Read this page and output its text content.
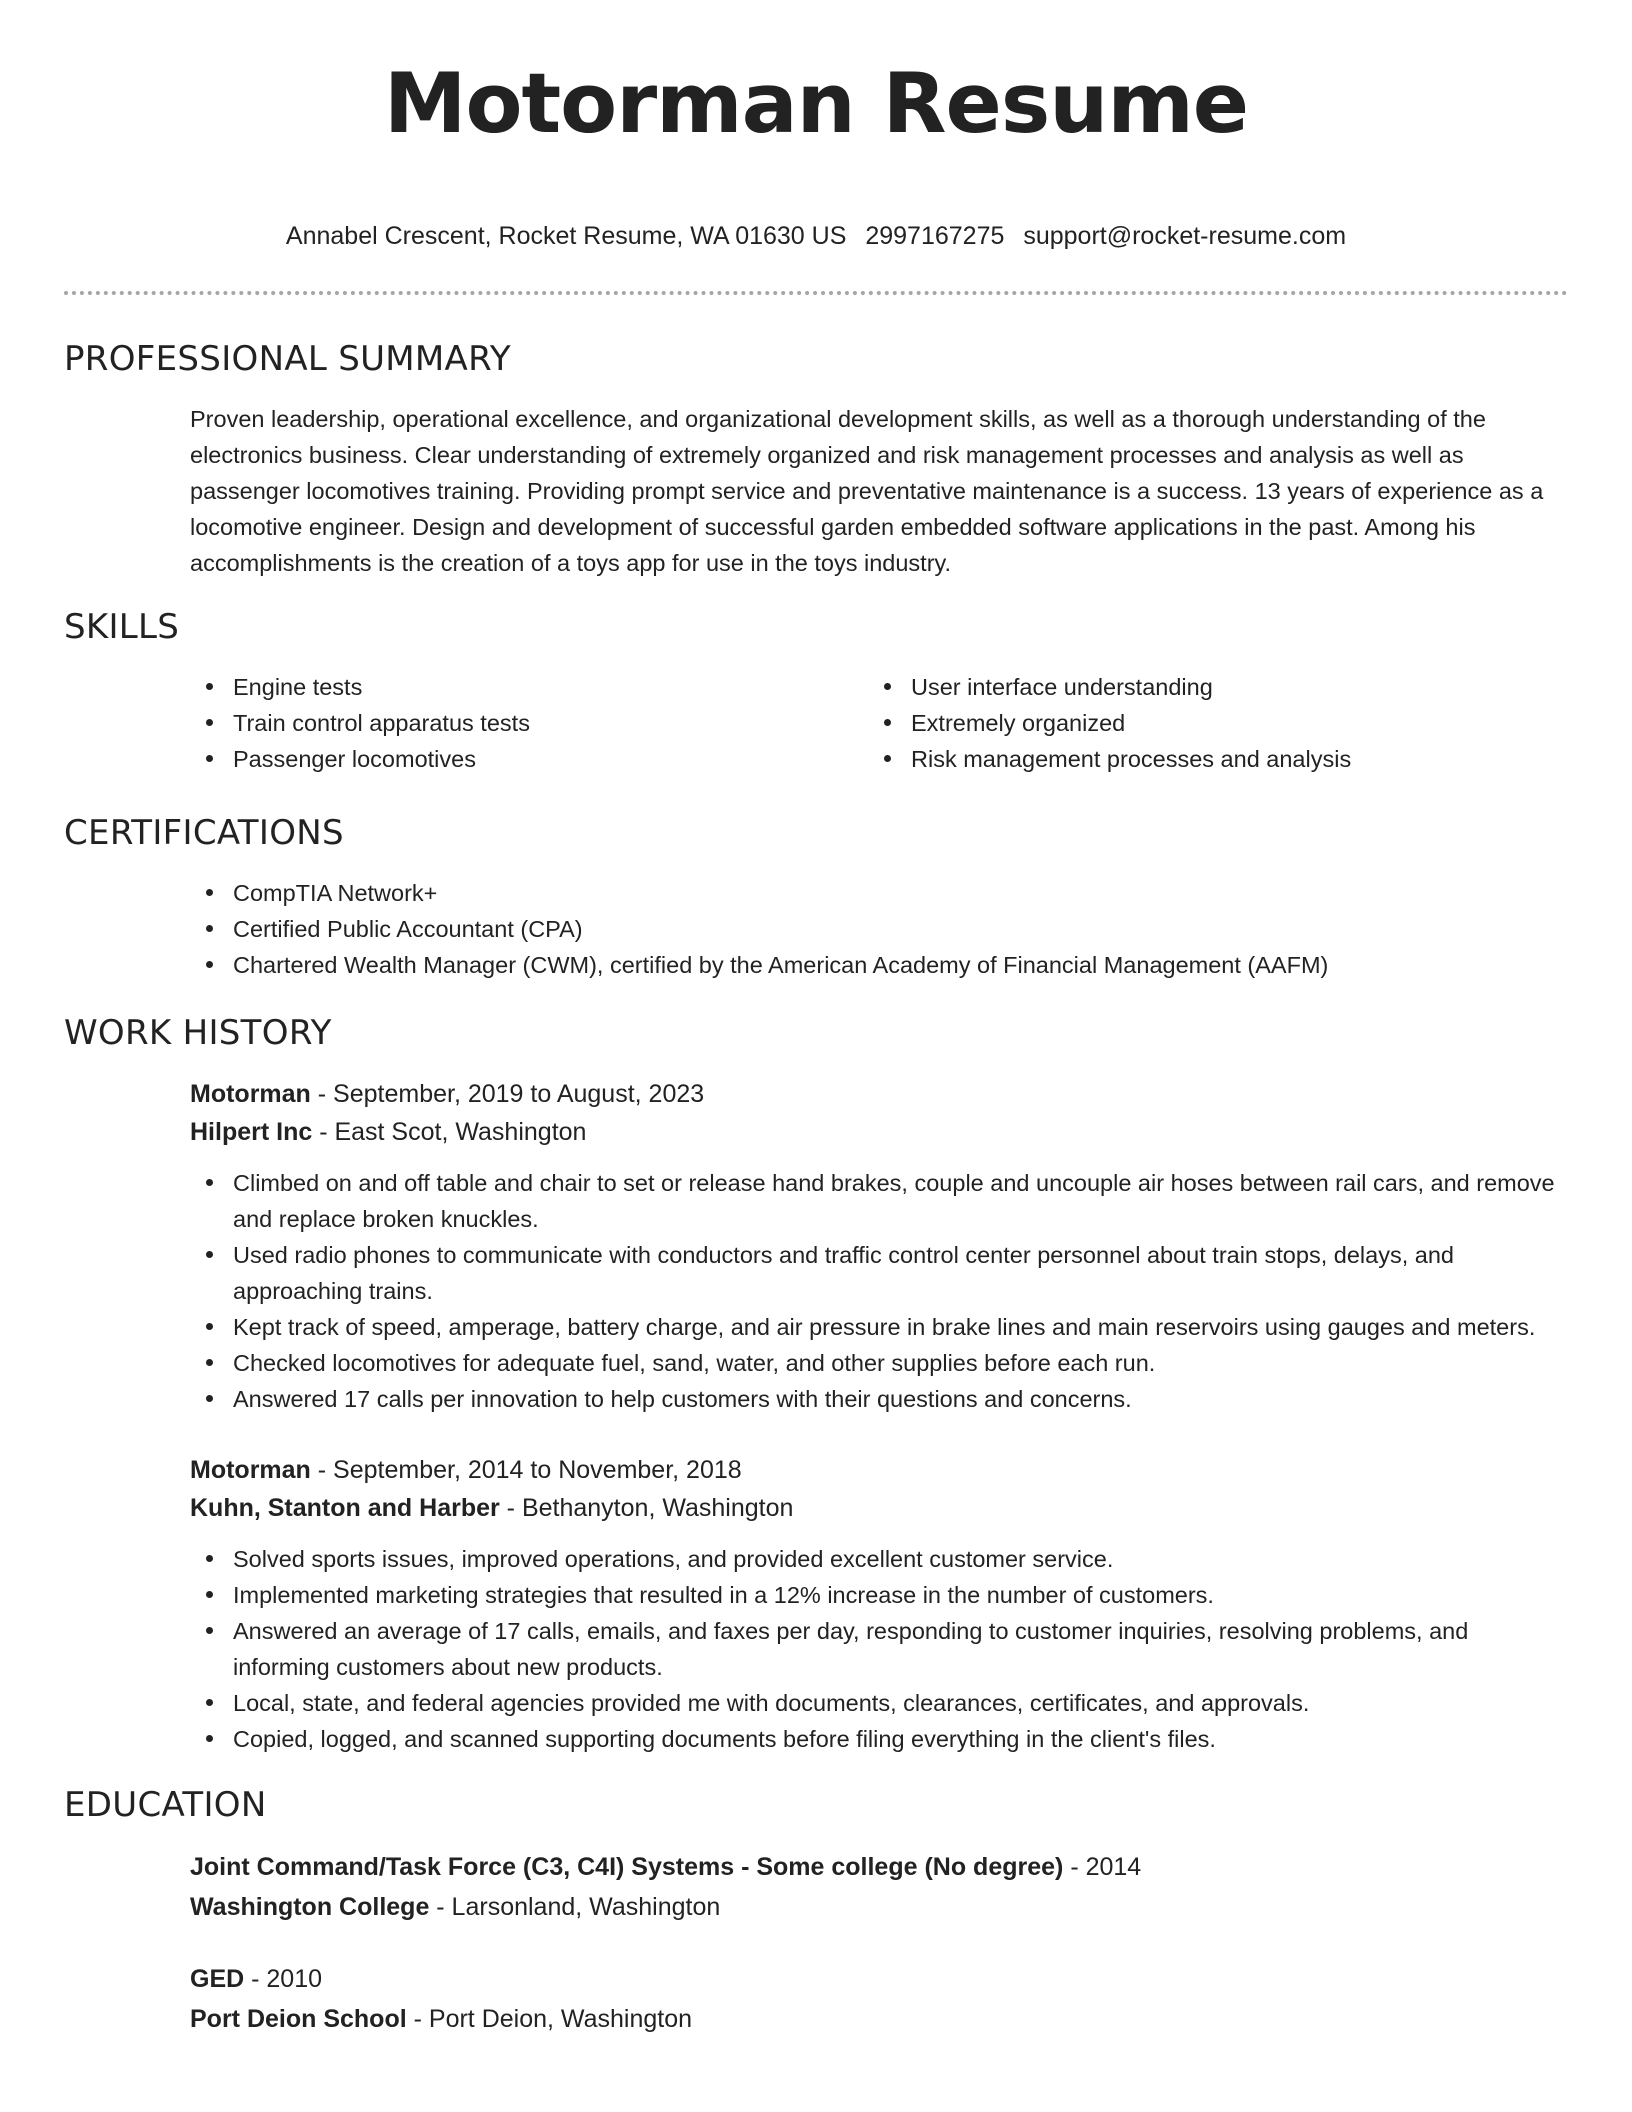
Motorman Resume
Annabel Crescent, Rocket Resume, WA 01630 US 2997167275 support@rocket-resume.com
PROFESSIONAL SUMMARY
Proven leadership, operational excellence, and organizational development skills, as well as a thorough understanding of the electronics business. Clear understanding of extremely organized and risk management processes and analysis as well as passenger locomotives training. Providing prompt service and preventative maintenance is a success. 13 years of experience as a locomotive engineer. Design and development of successful garden embedded software applications in the past. Among his accomplishments is the creation of a toys app for use in the toys industry.
SKILLS
Engine tests
Train control apparatus tests
Passenger locomotives
User interface understanding
Extremely organized
Risk management processes and analysis
CERTIFICATIONS
CompTIA Network+
Certified Public Accountant (CPA)
Chartered Wealth Manager (CWM), certified by the American Academy of Financial Management (AAFM)
WORK HISTORY
Motorman - September, 2019 to August, 2023
Hilpert Inc - East Scot, Washington
Climbed on and off table and chair to set or release hand brakes, couple and uncouple air hoses between rail cars, and remove and replace broken knuckles.
Used radio phones to communicate with conductors and traffic control center personnel about train stops, delays, and approaching trains.
Kept track of speed, amperage, battery charge, and air pressure in brake lines and main reservoirs using gauges and meters.
Checked locomotives for adequate fuel, sand, water, and other supplies before each run.
Answered 17 calls per innovation to help customers with their questions and concerns.
Motorman - September, 2014 to November, 2018
Kuhn, Stanton and Harber - Bethanyton, Washington
Solved sports issues, improved operations, and provided excellent customer service.
Implemented marketing strategies that resulted in a 12% increase in the number of customers.
Answered an average of 17 calls, emails, and faxes per day, responding to customer inquiries, resolving problems, and informing customers about new products.
Local, state, and federal agencies provided me with documents, clearances, certificates, and approvals.
Copied, logged, and scanned supporting documents before filing everything in the client's files.
EDUCATION
Joint Command/Task Force (C3, C4I) Systems - Some college (No degree) - 2014
Washington College - Larsonland, Washington
GED - 2010
Port Deion School - Port Deion, Washington
